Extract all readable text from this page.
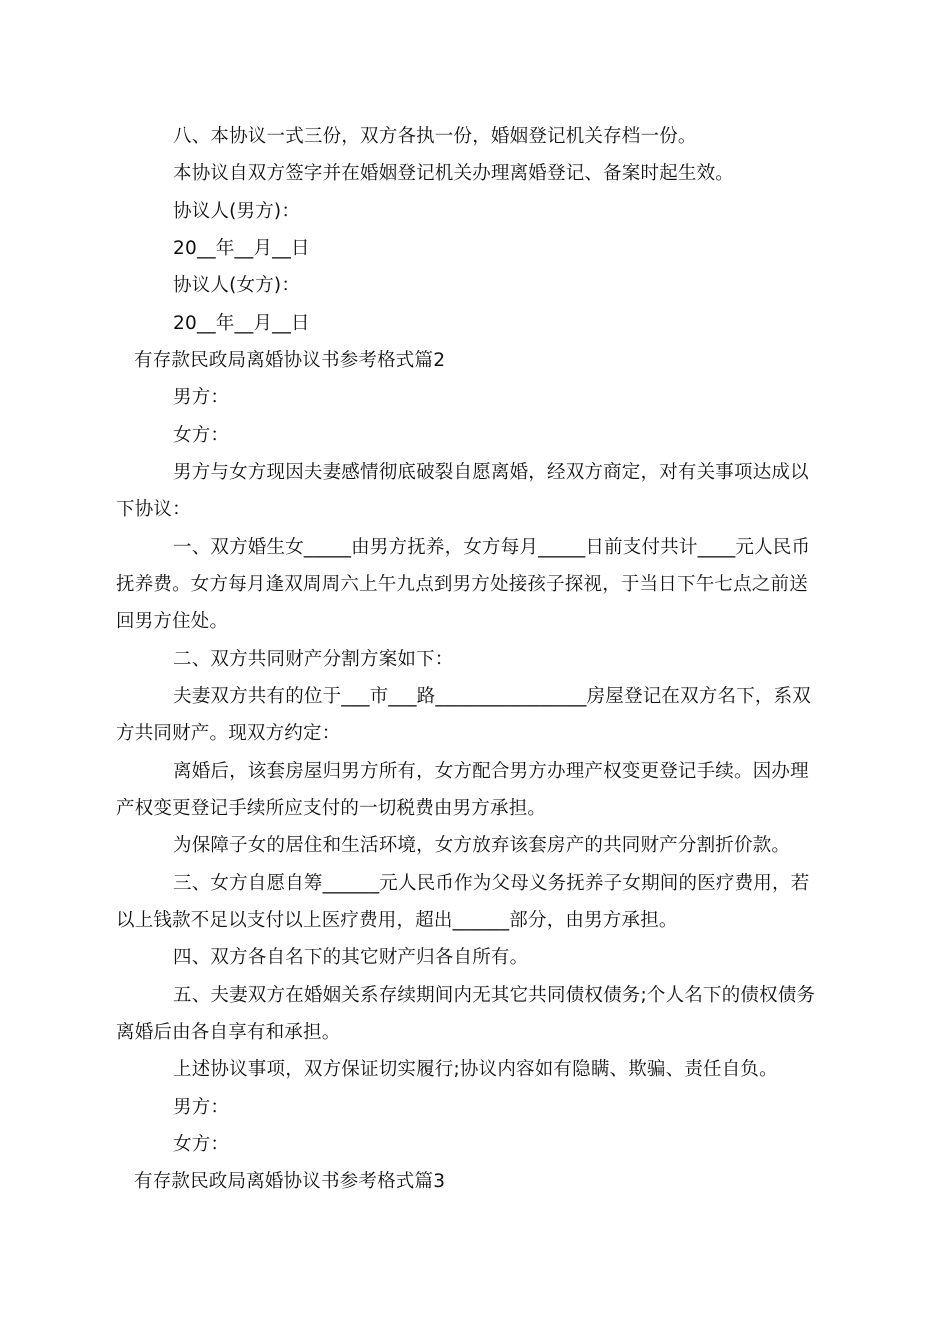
八、本协议一式三份，双方各执一份，婚姻登记机关存档一份。
本协议自双方签字并在婚姻登记机关办理离婚登记、备案时起生效。
协议人(男方)：
20__年__月__日
协议人(女方)：
20__年__月__日
有存款民政局离婚协议书参考格式篇2
男方：
女方：
男方与女方现因夫妻感情彻底破裂自愿离婚，经双方商定，对有关事项达成以
下协议：
一、双方婚生女_____由男方抚养，女方每月_____日前支付共计____元人民币
抚养费。女方每月逢双周周六上午九点到男方处接孩子探视，于当日下午七点之前送
回男方住处。
二、双方共同财产分割方案如下：
夫妻双方共有的位于___市___路________________房屋登记在双方名下，系双
方共同财产。现双方约定：
离婚后，该套房屋归男方所有，女方配合男方办理产权变更登记手续。因办理
产权变更登记手续所应支付的一切税费由男方承担。
为保障子女的居住和生活环境，女方放弃该套房产的共同财产分割折价款。
三、女方自愿自筹______元人民币作为父母义务抚养子女期间的医疗费用，若
以上钱款不足以支付以上医疗费用，超出______部分，由男方承担。
四、双方各自名下的其它财产归各自所有。
五、夫妻双方在婚姻关系存续期间内无其它共同债权债务;个人名下的债权债务
离婚后由各自享有和承担。
上述协议事项，双方保证切实履行;协议内容如有隐瞒、欺骗、责任自负。
男方：
女方：
有存款民政局离婚协议书参考格式篇3
